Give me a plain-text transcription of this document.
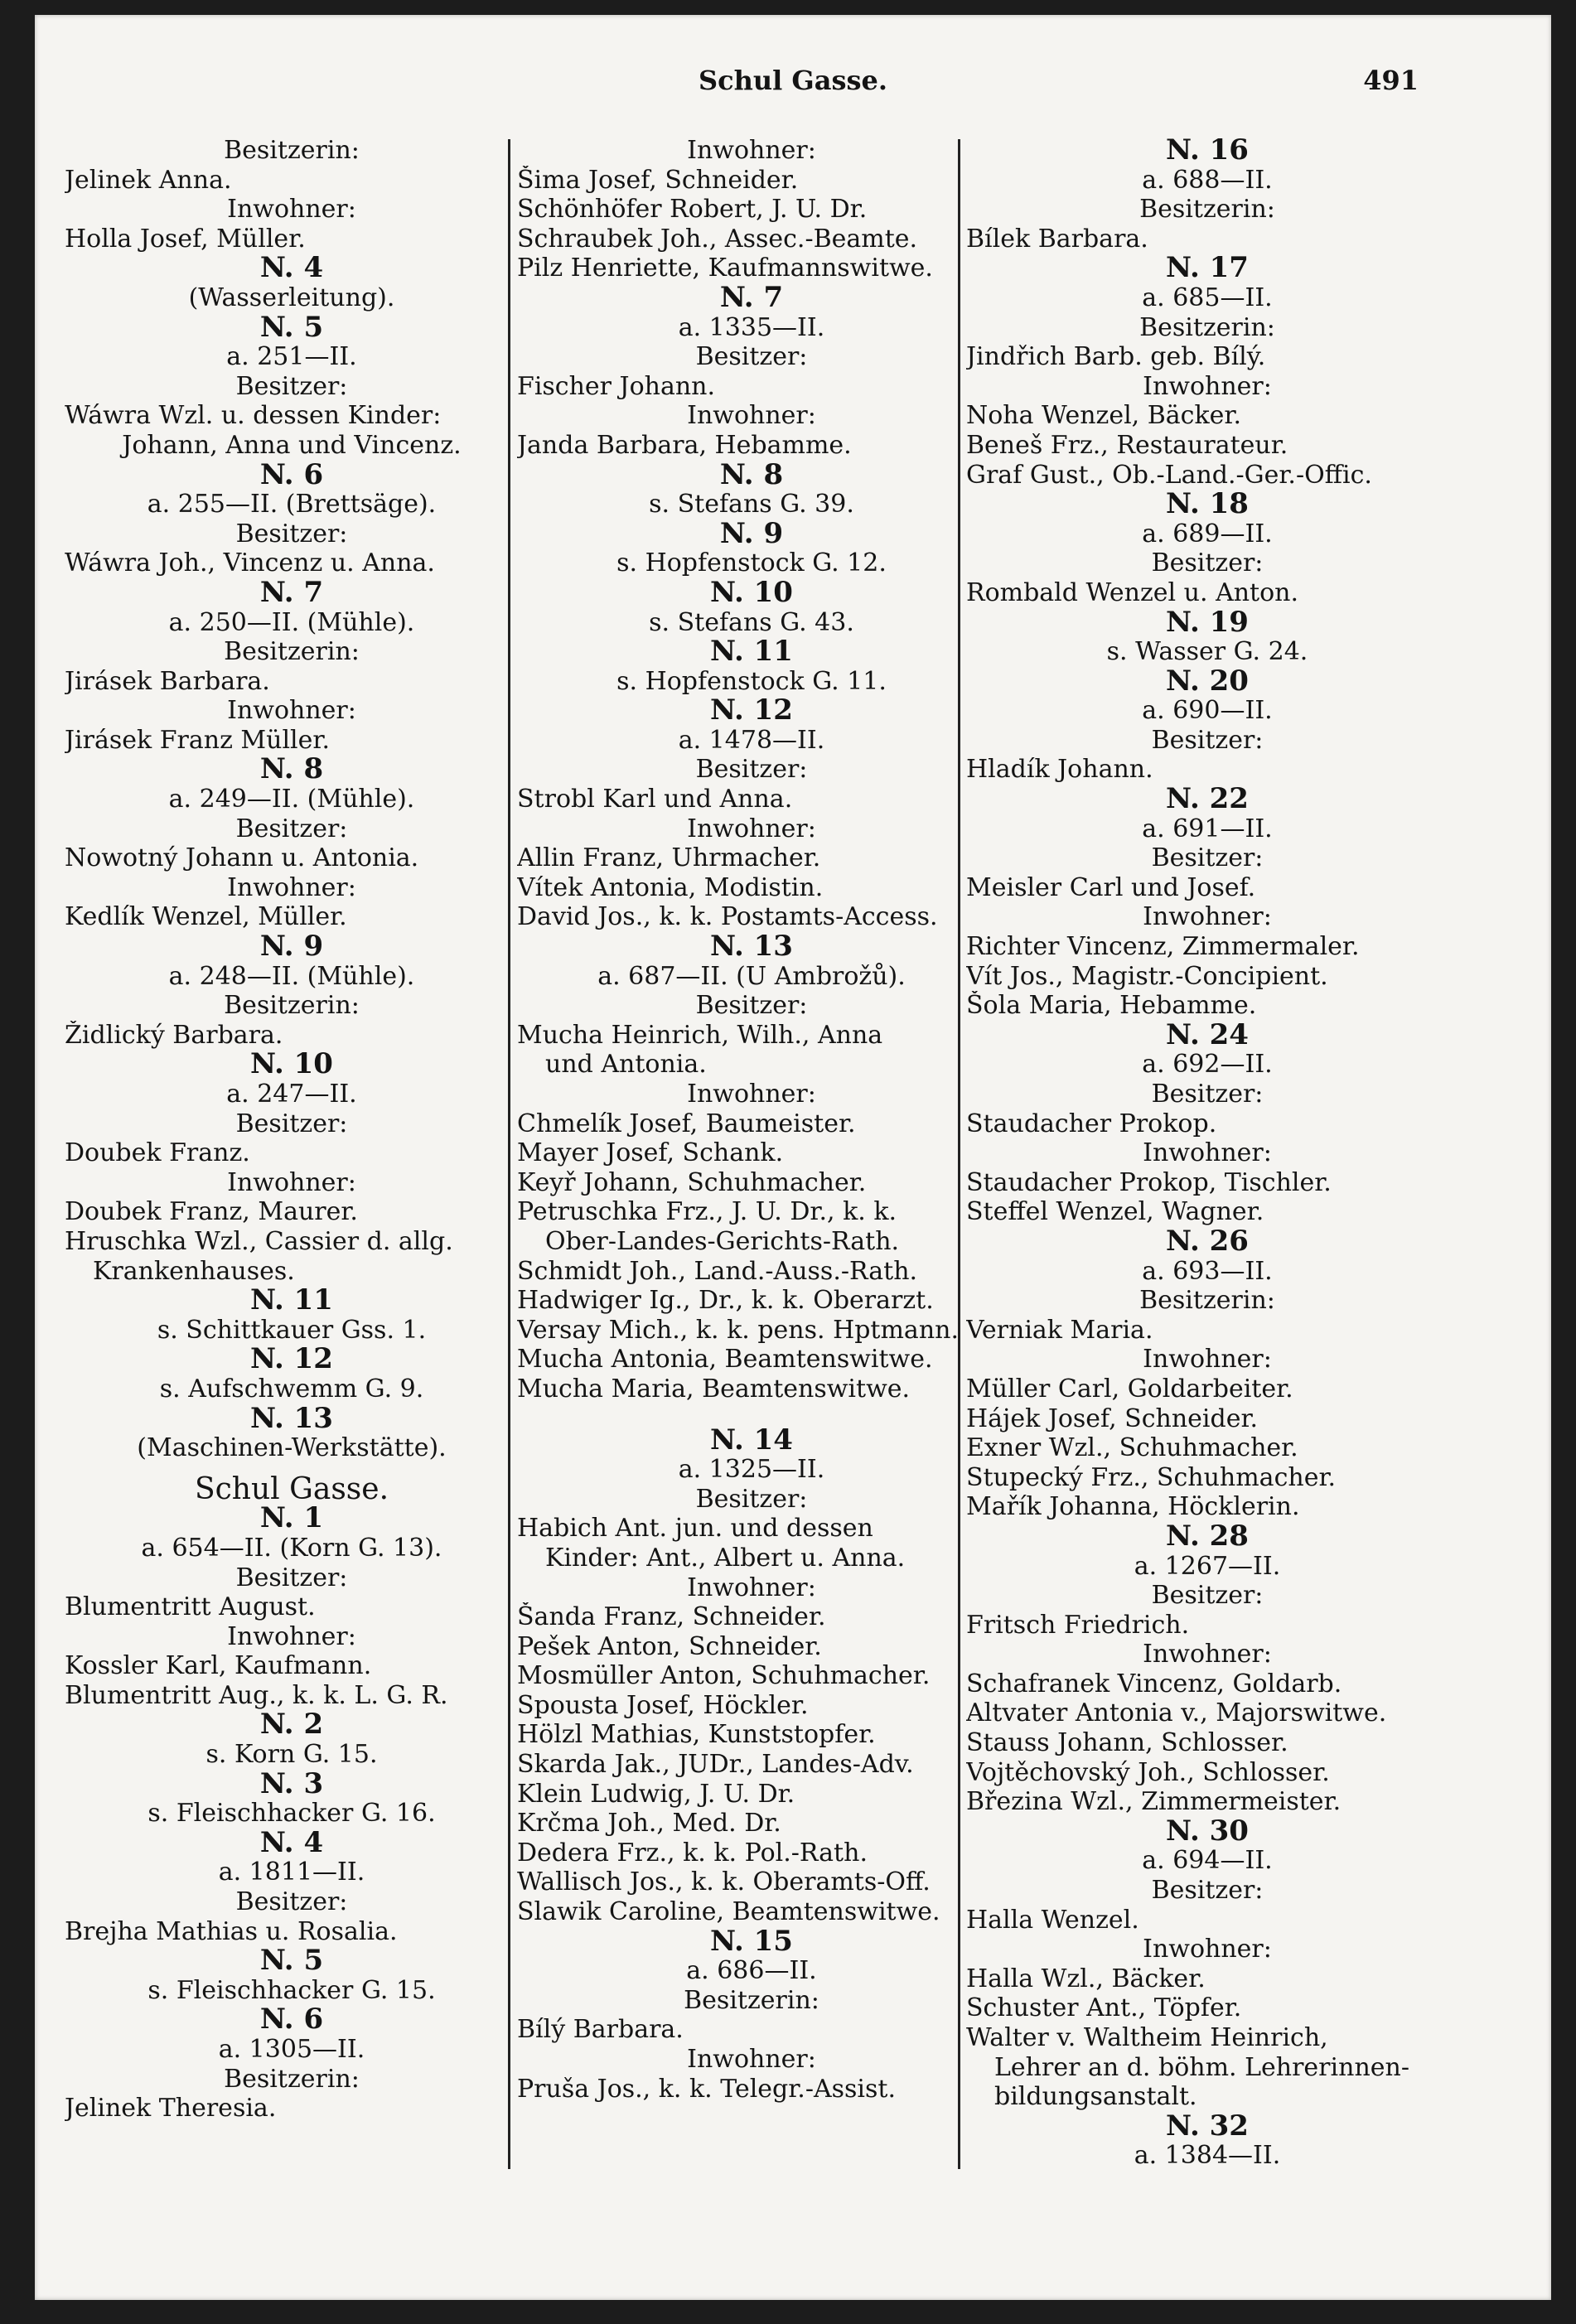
Schul Gasse.	491
Besitzerin:
Jelinek Anna.
Inwohner:
Holla Josef, Müller.
N. 4
(Wasserleitung).
N. 5
a. 251—II.
Besitzer:
Wáwra Wzl. u. dessen Kinder:
Johann, Anna und Vincenz.
N. 6
a. 255—II. (Brettsäge).
Besitzer:
Wáwra Joh., Vincenz u. Anna.
N. 7
a. 250—II. (Mühle).
Besitzerin:
Jirásek Barbara.
Inwohner:
Jirásek Franz Müller.
N. 8
a. 249—II. (Mühle).
Besitzer:
Nowotný Johann u. Antonia.
Inwohner:
Kedlík Wenzel, Müller.
N. 9
a. 248—II. (Mühle).
Besitzerin:
Židlický Barbara.
N. 10
a. 247—II.
Besitzer:
Doubek Franz.
Inwohner:
Doubek Franz, Maurer.
Hruschka Wzl., Cassier d. allg.
Krankenhauses.
N. 11
s. Schittkauer Gss. 1.
N. 12
s. Aufschwemm G. 9.
N. 13
(Maschinen-Werkstätte).
Schul Gasse.
N. 1
a. 654—II. (Korn G. 13).
Besitzer:
Blumentritt August.
Inwohner:
Kossler Karl, Kaufmann.
Blumentritt Aug., k. k. L. G. R.
N. 2
s. Korn G. 15.
N. 3
s. Fleischhacker G. 16.
N. 4
a. 1811—II.
Besitzer:
Brejha Mathias u. Rosalia.
N. 5
s. Fleischhacker G. 15.
N. 6
a. 1305—II.
Besitzerin:
Jelinek Theresia.
Inwohner:
Šima Josef, Schneider.
Schönhöfer Robert, J. U. Dr.
Schraubek Joh., Assec.-Beamte.
Pilz Henriette, Kaufmannswitwe.
N. 7
a. 1335—II.
Besitzer:
Fischer Johann.
Inwohner:
Janda Barbara, Hebamme.
N. 8
s. Stefans G. 39.
N. 9
s. Hopfenstock G. 12.
N. 10
s. Stefans G. 43.
N. 11
s. Hopfenstock G. 11.
N. 12
a. 1478—II.
Besitzer:
Strobl Karl und Anna.
Inwohner:
Allin Franz, Uhrmacher.
Vítek Antonia, Modistin.
David Jos., k. k. Postamts-Access.
N. 13
a. 687—II. (U Ambrožů).
Besitzer:
Mucha Heinrich, Wilh., Anna
und Antonia.
Inwohner:
Chmelík Josef, Baumeister.
Mayer Josef, Schank.
Keyř Johann, Schuhmacher.
Petruschka Frz., J. U. Dr., k. k.
Ober-Landes-Gerichts-Rath.
Schmidt Joh., Land.-Auss.-Rath.
Hadwiger Ig., Dr., k. k. Oberarzt.
Versay Mich., k. k. pens. Hptmann.
Mucha Antonia, Beamtenswitwe.
Mucha Maria, Beamtenswitwe.
N. 14
a. 1325—II.
Besitzer:
Habich Ant. jun. und dessen
Kinder: Ant., Albert u. Anna.
Inwohner:
Šanda Franz, Schneider.
Pešek Anton, Schneider.
Mosmüller Anton, Schuhmacher.
Spousta Josef, Höckler.
Hölzl Mathias, Kunststopfer.
Skarda Jak., JUDr., Landes-Adv.
Klein Ludwig, J. U. Dr.
Krčma Joh., Med. Dr.
Dedera Frz., k. k. Pol.-Rath.
Wallisch Jos., k. k. Oberamts-Off.
Slawik Caroline, Beamtenswitwe.
N. 15
a. 686—II.
Besitzerin:
Bílý Barbara.
Inwohner:
Pruša Jos., k. k. Telegr.-Assist.
N. 16
a. 688—II.
Besitzerin:
Bílek Barbara.
N. 17
a. 685—II.
Besitzerin:
Jindřich Barb. geb. Bílý.
Inwohner:
Noha Wenzel, Bäcker.
Beneš Frz., Restaurateur.
Graf Gust., Ob.-Land.-Ger.-Offic.
N. 18
a. 689—II.
Besitzer:
Rombald Wenzel u. Anton.
N. 19
s. Wasser G. 24.
N. 20
a. 690—II.
Besitzer:
Hladík Johann.
N. 22
a. 691—II.
Besitzer:
Meisler Carl und Josef.
Inwohner:
Richter Vincenz, Zimmermaler.
Vít Jos., Magistr.-Concipient.
Šola Maria, Hebamme.
N. 24
a. 692—II.
Besitzer:
Staudacher Prokop.
Inwohner:
Staudacher Prokop, Tischler.
Steffel Wenzel, Wagner.
N. 26
a. 693—II.
Besitzerin:
Verniak Maria.
Inwohner:
Müller Carl, Goldarbeiter.
Hájek Josef, Schneider.
Exner Wzl., Schuhmacher.
Stupecký Frz., Schuhmacher.
Mařík Johanna, Höcklerin.
N. 28
a. 1267—II.
Besitzer:
Fritsch Friedrich.
Inwohner:
Schafranek Vincenz, Goldarb.
Altvater Antonia v., Majorswitwe.
Stauss Johann, Schlosser.
Vojtěchovský Joh., Schlosser.
Březina Wzl., Zimmermeister.
N. 30
a. 694—II.
Besitzer:
Halla Wenzel.
Inwohner:
Halla Wzl., Bäcker.
Schuster Ant., Töpfer.
Walter v. Waltheim Heinrich,
Lehrer an d. böhm. Lehrerinnen-
bildungsanstalt.
N. 32
a. 1384—II.
